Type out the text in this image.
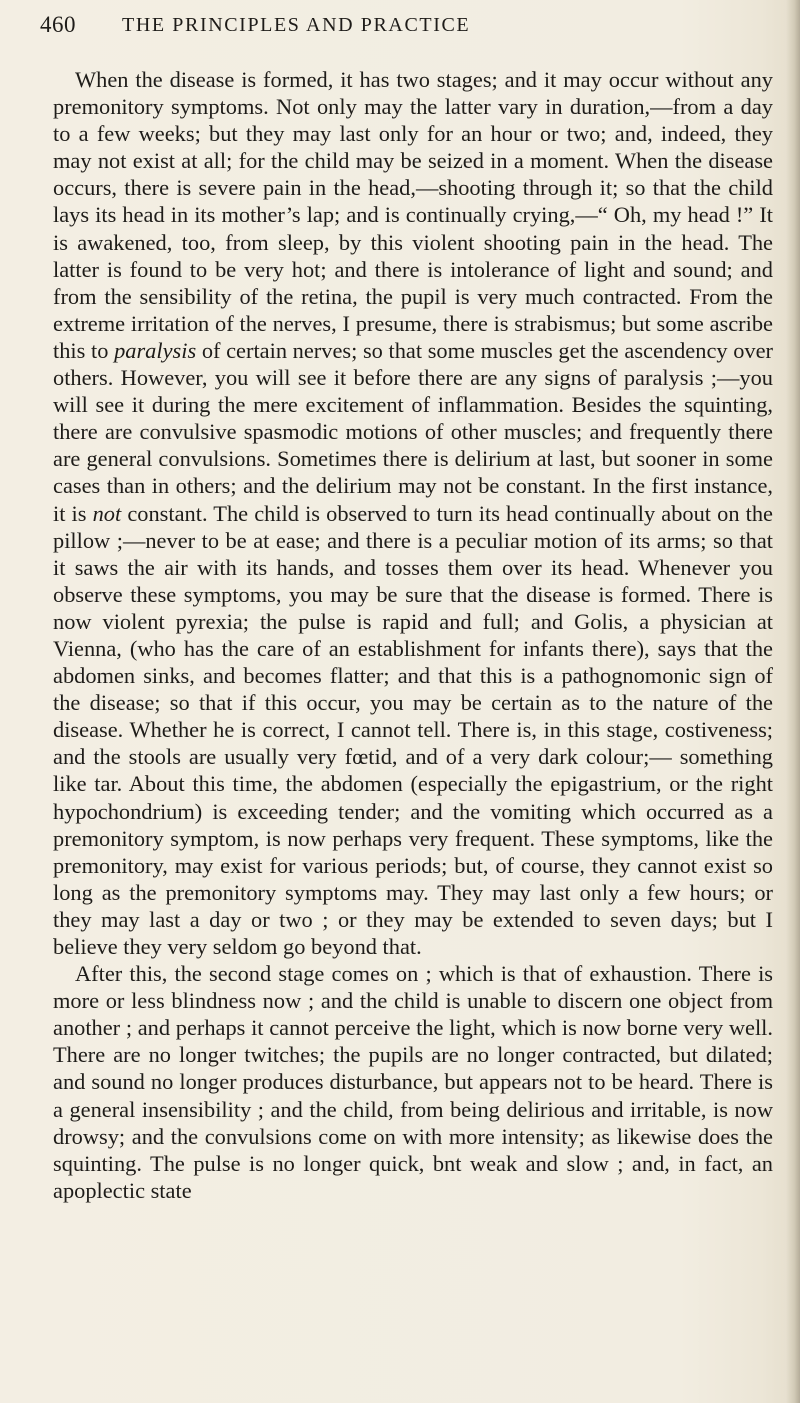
460 THE PRINCIPLES AND PRACTICE

When the disease is formed, it has two stages; and it may occur without any premonitory symptoms. Not only may the latter vary in duration,—from a day to a few weeks; but they may last only for an hour or two; and, indeed, they may not exist at all; for the child may be seized in a moment. When the disease occurs, there is severe pain in the head,—shooting through it; so that the child lays its head in its mother’s lap; and is continually crying,—“ Oh, my head !” It is awakened, too, from sleep, by this violent shooting pain in the head. The latter is found to be very hot; and there is intolerance of light and sound; and from the sensibility of the retina, the pupil is very much contracted. From the extreme irritation of the nerves, I presume, there is strabismus; but some ascribe this to paralysis of certain nerves; so that some muscles get the ascendency over others. However, you will see it before there are any signs of paralysis ;—you will see it during the mere excitement of inflammation. Besides the squinting, there are convulsive spasmodic motions of other muscles; and frequently there are general convulsions. Sometimes there is delirium at last, but sooner in some cases than in others; and the delirium may not be constant. In the first instance, it is not constant. The child is observed to turn its head continually about on the pillow ;—never to be at ease; and there is a peculiar motion of its arms; so that it saws the air with its hands, and tosses them over its head. Whenever you observe these symptoms, you may be sure that the disease is formed. There is now violent pyrexia; the pulse is rapid and full; and Golis, a physician at Vienna, (who has the care of an establishment for infants there), says that the abdomen sinks, and becomes flatter; and that this is a pathognomonic sign of the disease; so that if this occur, you may be certain as to the nature of the disease. Whether he is correct, I cannot tell. There is, in this stage, costiveness; and the stools are usually very fœtid, and of a very dark colour;— something like tar. About this time, the abdomen (especially the epigastrium, or the right hypochondrium) is exceeding tender; and the vomiting which occurred as a premonitory symptom, is now perhaps very frequent. These symptoms, like the premonitory, may exist for various periods; but, of course, they cannot exist so long as the premonitory symptoms may. They may last only a few hours; or they may last a day or two ; or they may be extended to seven days; but I believe they very seldom go beyond that.

After this, the second stage comes on ; which is that of exhaustion. There is more or less blindness now ; and the child is unable to discern one object from another ; and perhaps it cannot perceive the light, which is now borne very well. There are no longer twitches; the pupils are no longer contracted, but dilated; and sound no longer produces disturbance, but appears not to be heard. There is a general insensibility ; and the child, from being delirious and irritable, is now drowsy; and the convulsions come on with more intensity; as likewise does the squinting. The pulse is no longer quick, bnt weak and slow ; and, in fact, an apoplectic state
